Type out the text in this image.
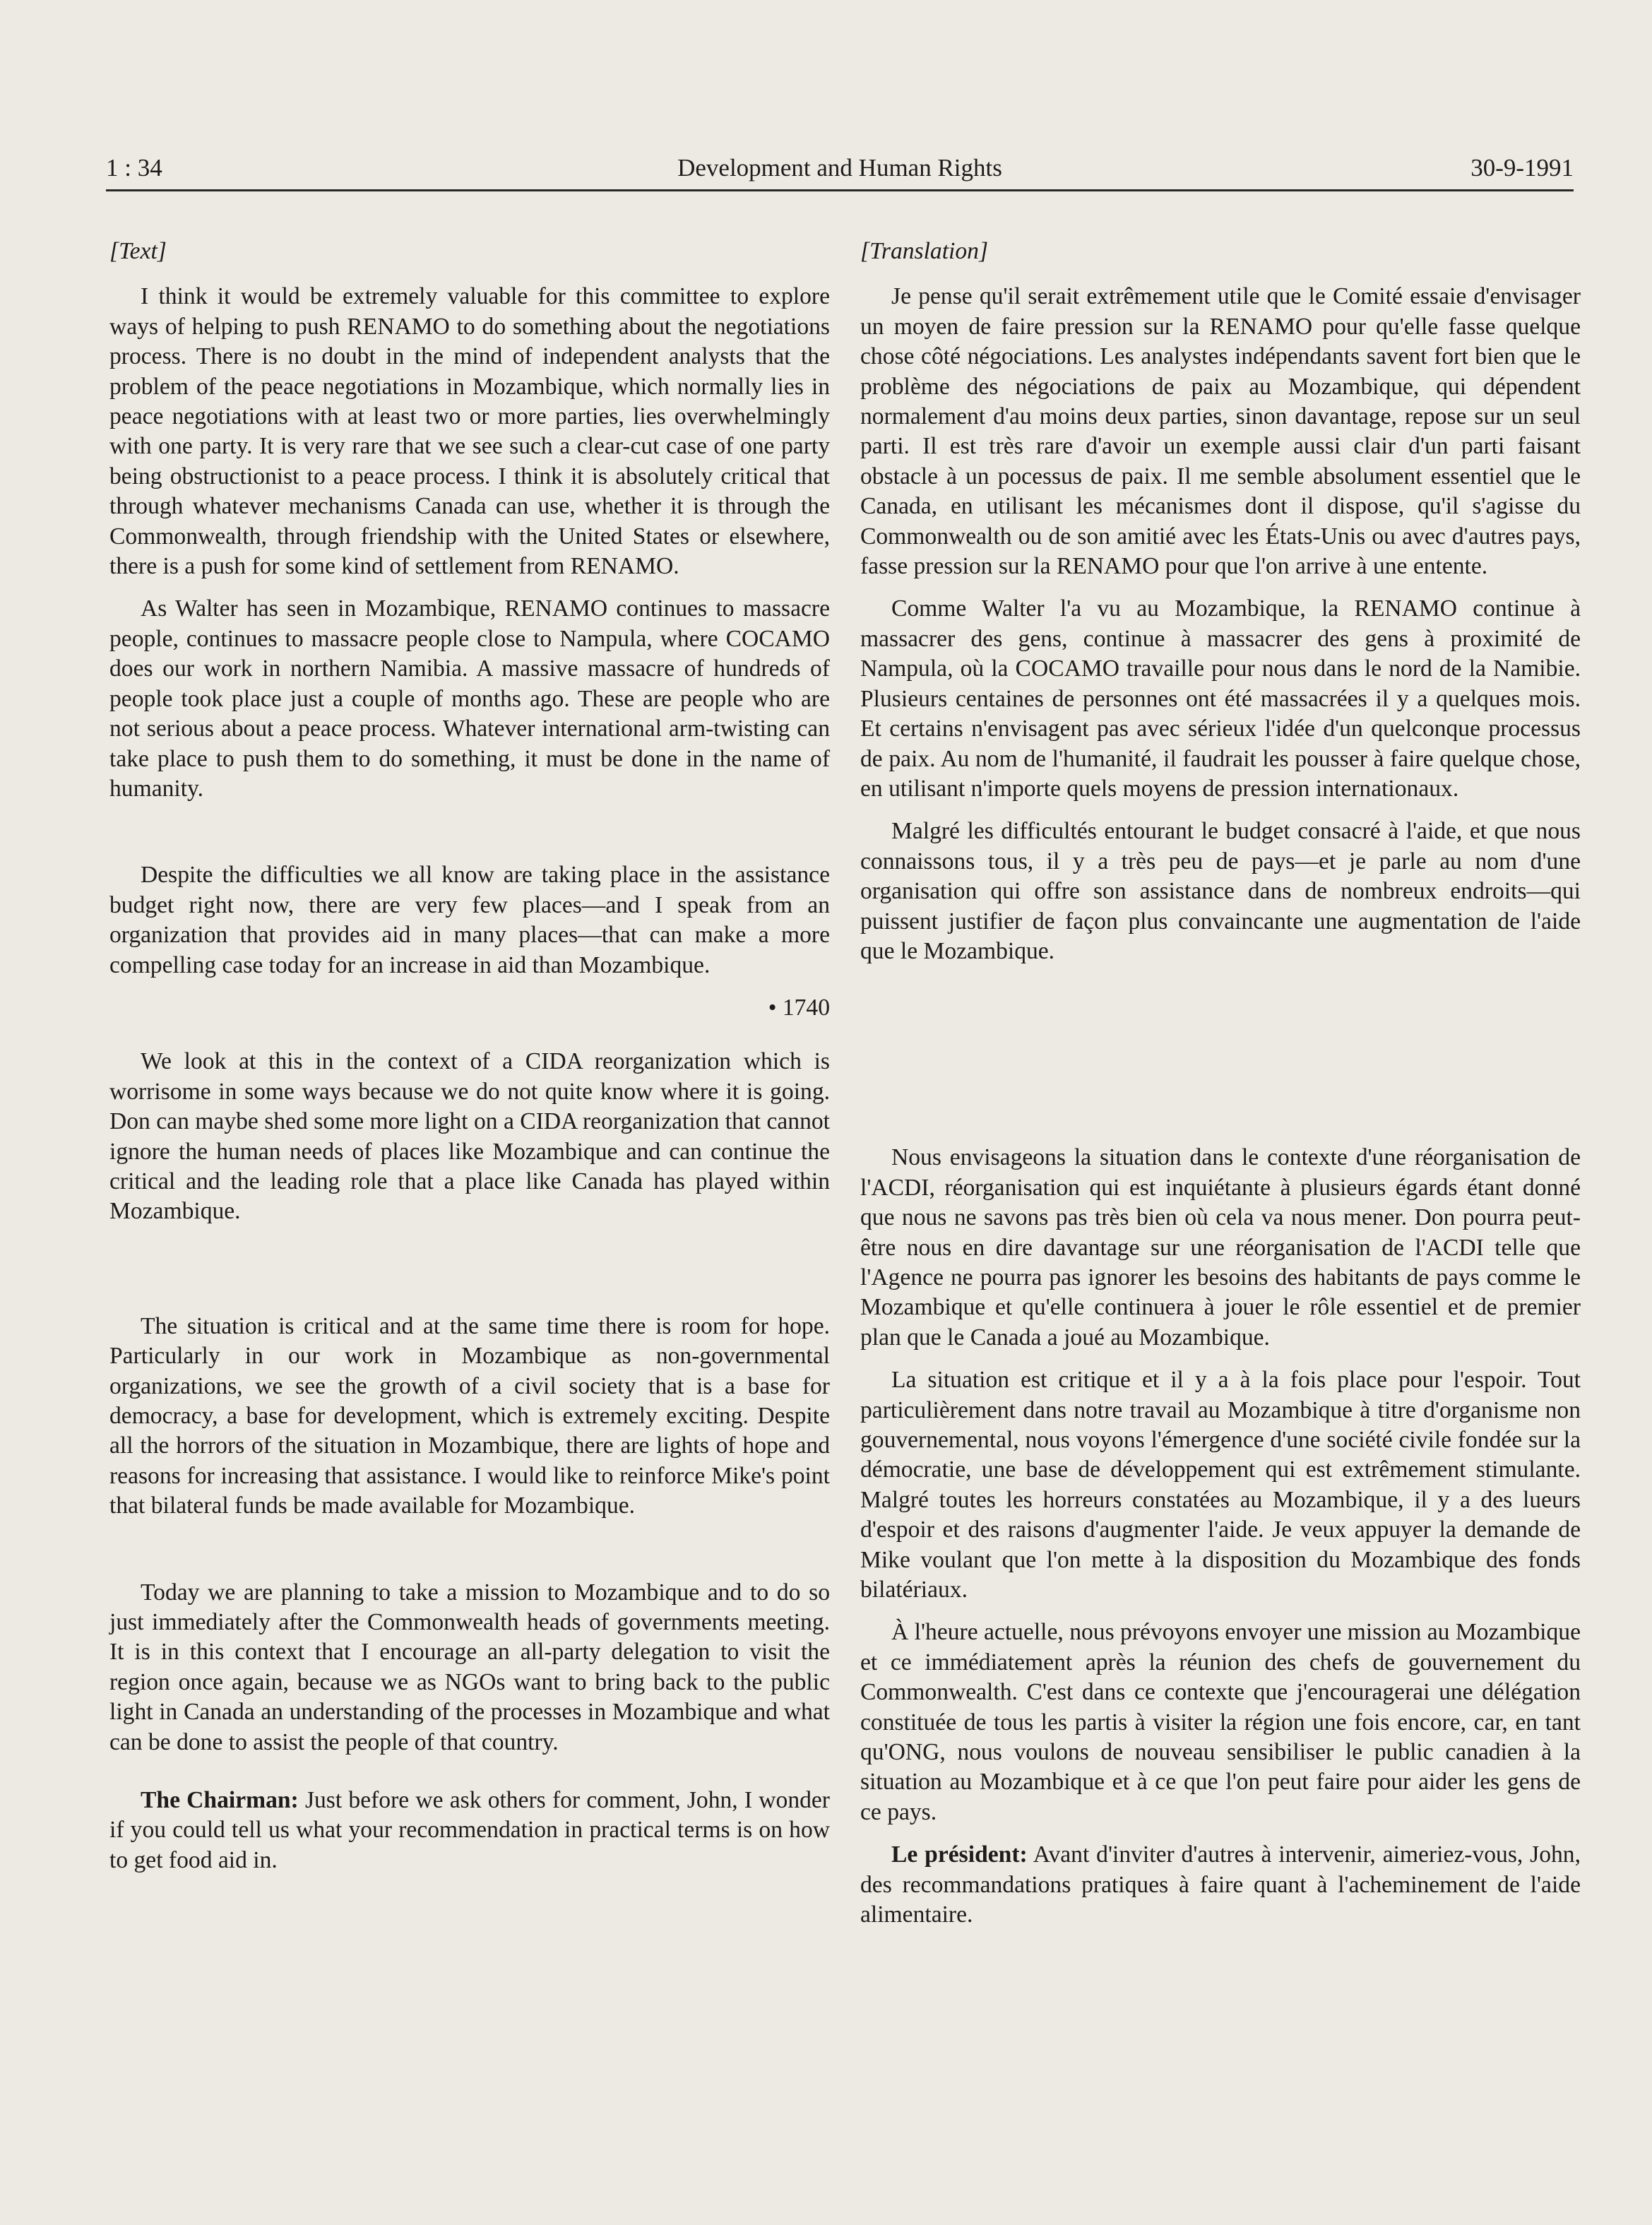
1 : 34	Development and Human Rights	30-9-1991

[Text]

I think it would be extremely valuable for this committee to explore ways of helping to push RENAMO to do something about the negotiations process. There is no doubt in the mind of independent analysts that the problem of the peace negotiations in Mozambique, which normally lies in peace negotiations with at least two or more parties, lies overwhelmingly with one party. It is very rare that we see such a clear-cut case of one party being obstructionist to a peace process. I think it is absolutely critical that through whatever mechanisms Canada can use, whether it is through the Commonwealth, through friendship with the United States or elsewhere, there is a push for some kind of settlement from RENAMO.

As Walter has seen in Mozambique, RENAMO continues to massacre people, continues to massacre people close to Nampula, where COCAMO does our work in northern Namibia. A massive massacre of hundreds of people took place just a couple of months ago. These are people who are not serious about a peace process. Whatever international arm-twisting can take place to push them to do something, it must be done in the name of humanity.

Despite the difficulties we all know are taking place in the assistance budget right now, there are very few places—and I speak from an organization that provides aid in many places—that can make a more compelling case today for an increase in aid than Mozambique.

• 1740

We look at this in the context of a CIDA reorganization which is worrisome in some ways because we do not quite know where it is going. Don can maybe shed some more light on a CIDA reorganization that cannot ignore the human needs of places like Mozambique and can continue the critical and the leading role that a place like Canada has played within Mozambique.

The situation is critical and at the same time there is room for hope. Particularly in our work in Mozambique as non-governmental organizations, we see the growth of a civil society that is a base for democracy, a base for development, which is extremely exciting. Despite all the horrors of the situation in Mozambique, there are lights of hope and reasons for increasing that assistance. I would like to reinforce Mike's point that bilateral funds be made available for Mozambique.

Today we are planning to take a mission to Mozambique and to do so just immediately after the Commonwealth heads of governments meeting. It is in this context that I encourage an all-party delegation to visit the region once again, because we as NGOs want to bring back to the public light in Canada an understanding of the processes in Mozambique and what can be done to assist the people of that country.

The Chairman: Just before we ask others for comment, John, I wonder if you could tell us what your recommendation in practical terms is on how to get food aid in.

[Translation]

Je pense qu'il serait extrêmement utile que le Comité essaie d'envisager un moyen de faire pression sur la RENAMO pour qu'elle fasse quelque chose côté négociations. Les analystes indépendants savent fort bien que le problème des négociations de paix au Mozambique, qui dépendent normalement d'au moins deux parties, sinon davantage, repose sur un seul parti. Il est très rare d'avoir un exemple aussi clair d'un parti faisant obstacle à un pocessus de paix. Il me semble absolument essentiel que le Canada, en utilisant les mécanismes dont il dispose, qu'il s'agisse du Commonwealth ou de son amitié avec les États-Unis ou avec d'autres pays, fasse pression sur la RENAMO pour que l'on arrive à une entente.

Comme Walter l'a vu au Mozambique, la RENAMO continue à massacrer des gens, continue à massacrer des gens à proximité de Nampula, où la COCAMO travaille pour nous dans le nord de la Namibie. Plusieurs centaines de personnes ont été massacrées il y a quelques mois. Et certains n'envisagent pas avec sérieux l'idée d'un quelconque processus de paix. Au nom de l'humanité, il faudrait les pousser à faire quelque chose, en utilisant n'importe quels moyens de pression internationaux.

Malgré les difficultés entourant le budget consacré à l'aide, et que nous connaissons tous, il y a très peu de pays—et je parle au nom d'une organisation qui offre son assistance dans de nombreux endroits—qui puissent justifier de façon plus convaincante une augmentation de l'aide que le Mozambique.

Nous envisageons la situation dans le contexte d'une réorganisation de l'ACDI, réorganisation qui est inquiétante à plusieurs égards étant donné que nous ne savons pas très bien où cela va nous mener. Don pourra peut-être nous en dire davantage sur une réorganisation de l'ACDI telle que l'Agence ne pourra pas ignorer les besoins des habitants de pays comme le Mozambique et qu'elle continuera à jouer le rôle essentiel et de premier plan que le Canada a joué au Mozambique.

La situation est critique et il y a à la fois place pour l'espoir. Tout particulièrement dans notre travail au Mozambique à titre d'organisme non gouvernemental, nous voyons l'émergence d'une société civile fondée sur la démocratie, une base de développement qui est extrêmement stimulante. Malgré toutes les horreurs constatées au Mozambique, il y a des lueurs d'espoir et des raisons d'augmenter l'aide. Je veux appuyer la demande de Mike voulant que l'on mette à la disposition du Mozambique des fonds bilatériaux.

À l'heure actuelle, nous prévoyons envoyer une mission au Mozambique et ce immédiatement après la réunion des chefs de gouvernement du Commonwealth. C'est dans ce contexte que j'encouragerai une délégation constituée de tous les partis à visiter la région une fois encore, car, en tant qu'ONG, nous voulons de nouveau sensibiliser le public canadien à la situation au Mozambique et à ce que l'on peut faire pour aider les gens de ce pays.

Le président: Avant d'inviter d'autres à intervenir, aimeriez-vous, John, des recommandations pratiques à faire quant à l'acheminement de l'aide alimentaire.
